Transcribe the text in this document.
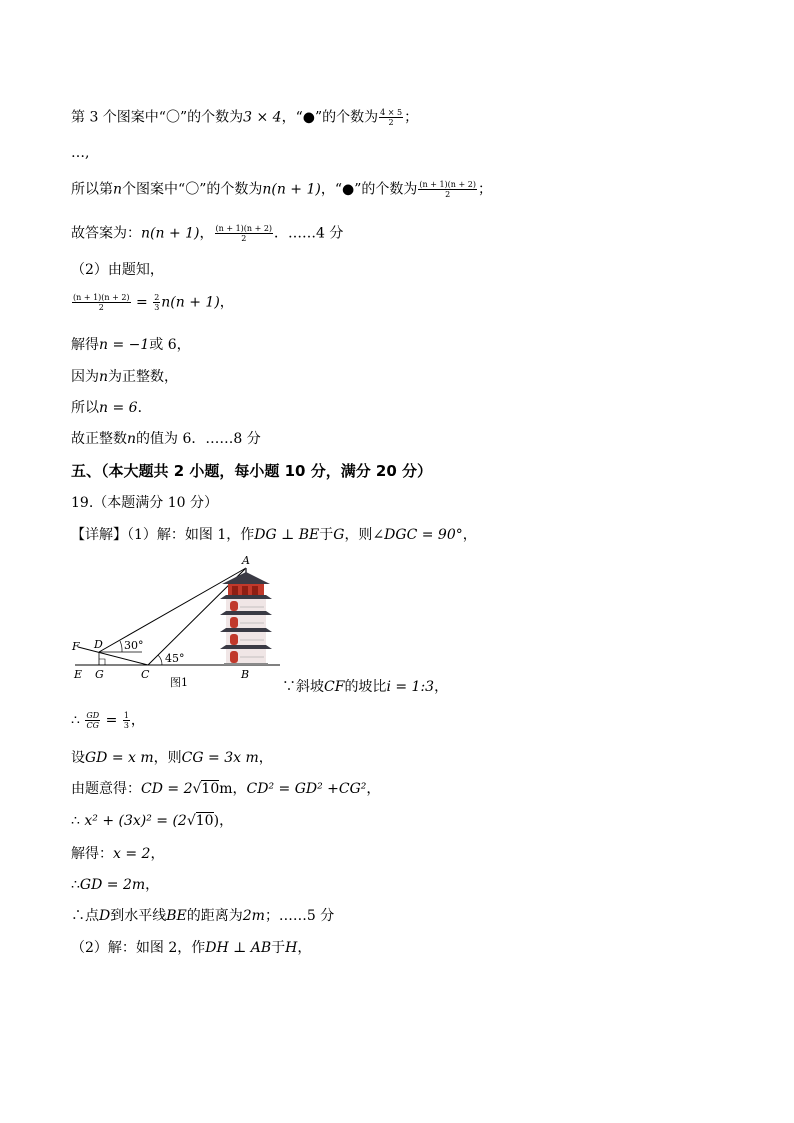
第 3 个图案中“〇”的个数为3 × 4，“●”的个数为 $\frac{4 \times 5}{2}$ ；
…,
所以第n个图案中“〇”的个数为n(n + 1)，“●”的个数为 $\frac{(n + 1)(n + 2)}{2}$ ；
故答案为：n(n + 1)， $\frac{(n + 1)(n + 2)}{2}$ ．……4 分
（2）由题知，
$\frac{(n + 1)(n + 2)}{2} = \frac{2}{3} n(n + 1)$，
解得n = −1或 6，
因为n为正整数，
所以n = 6．
故正整数n的值为 6．……8 分
五、（本大题共 2 小题，每小题 10 分，满分 20 分）
19.（本题满分 10 分）
【详解】（1）解：如图 1，作DG ⊥ BE于G，则∠DGC = 90°，
A
B
C
D
E
F
G
30°
45°
图1	∵斜坡CF的坡比i = 1:3，
∴ $\frac{GD}{CG} = \frac{1}{3}$ ，
设GD = x m，则CG = 3x m，
由题意得：CD = 2√10m，CD² = GD² +CG²，
∴ x² + (3x)² = (2√10)，
解得：x = 2，
∴GD = 2m，
∴点D到水平线BE的距离为2m；……5 分
（2）解：如图 2，作DH ⊥ AB于H，
